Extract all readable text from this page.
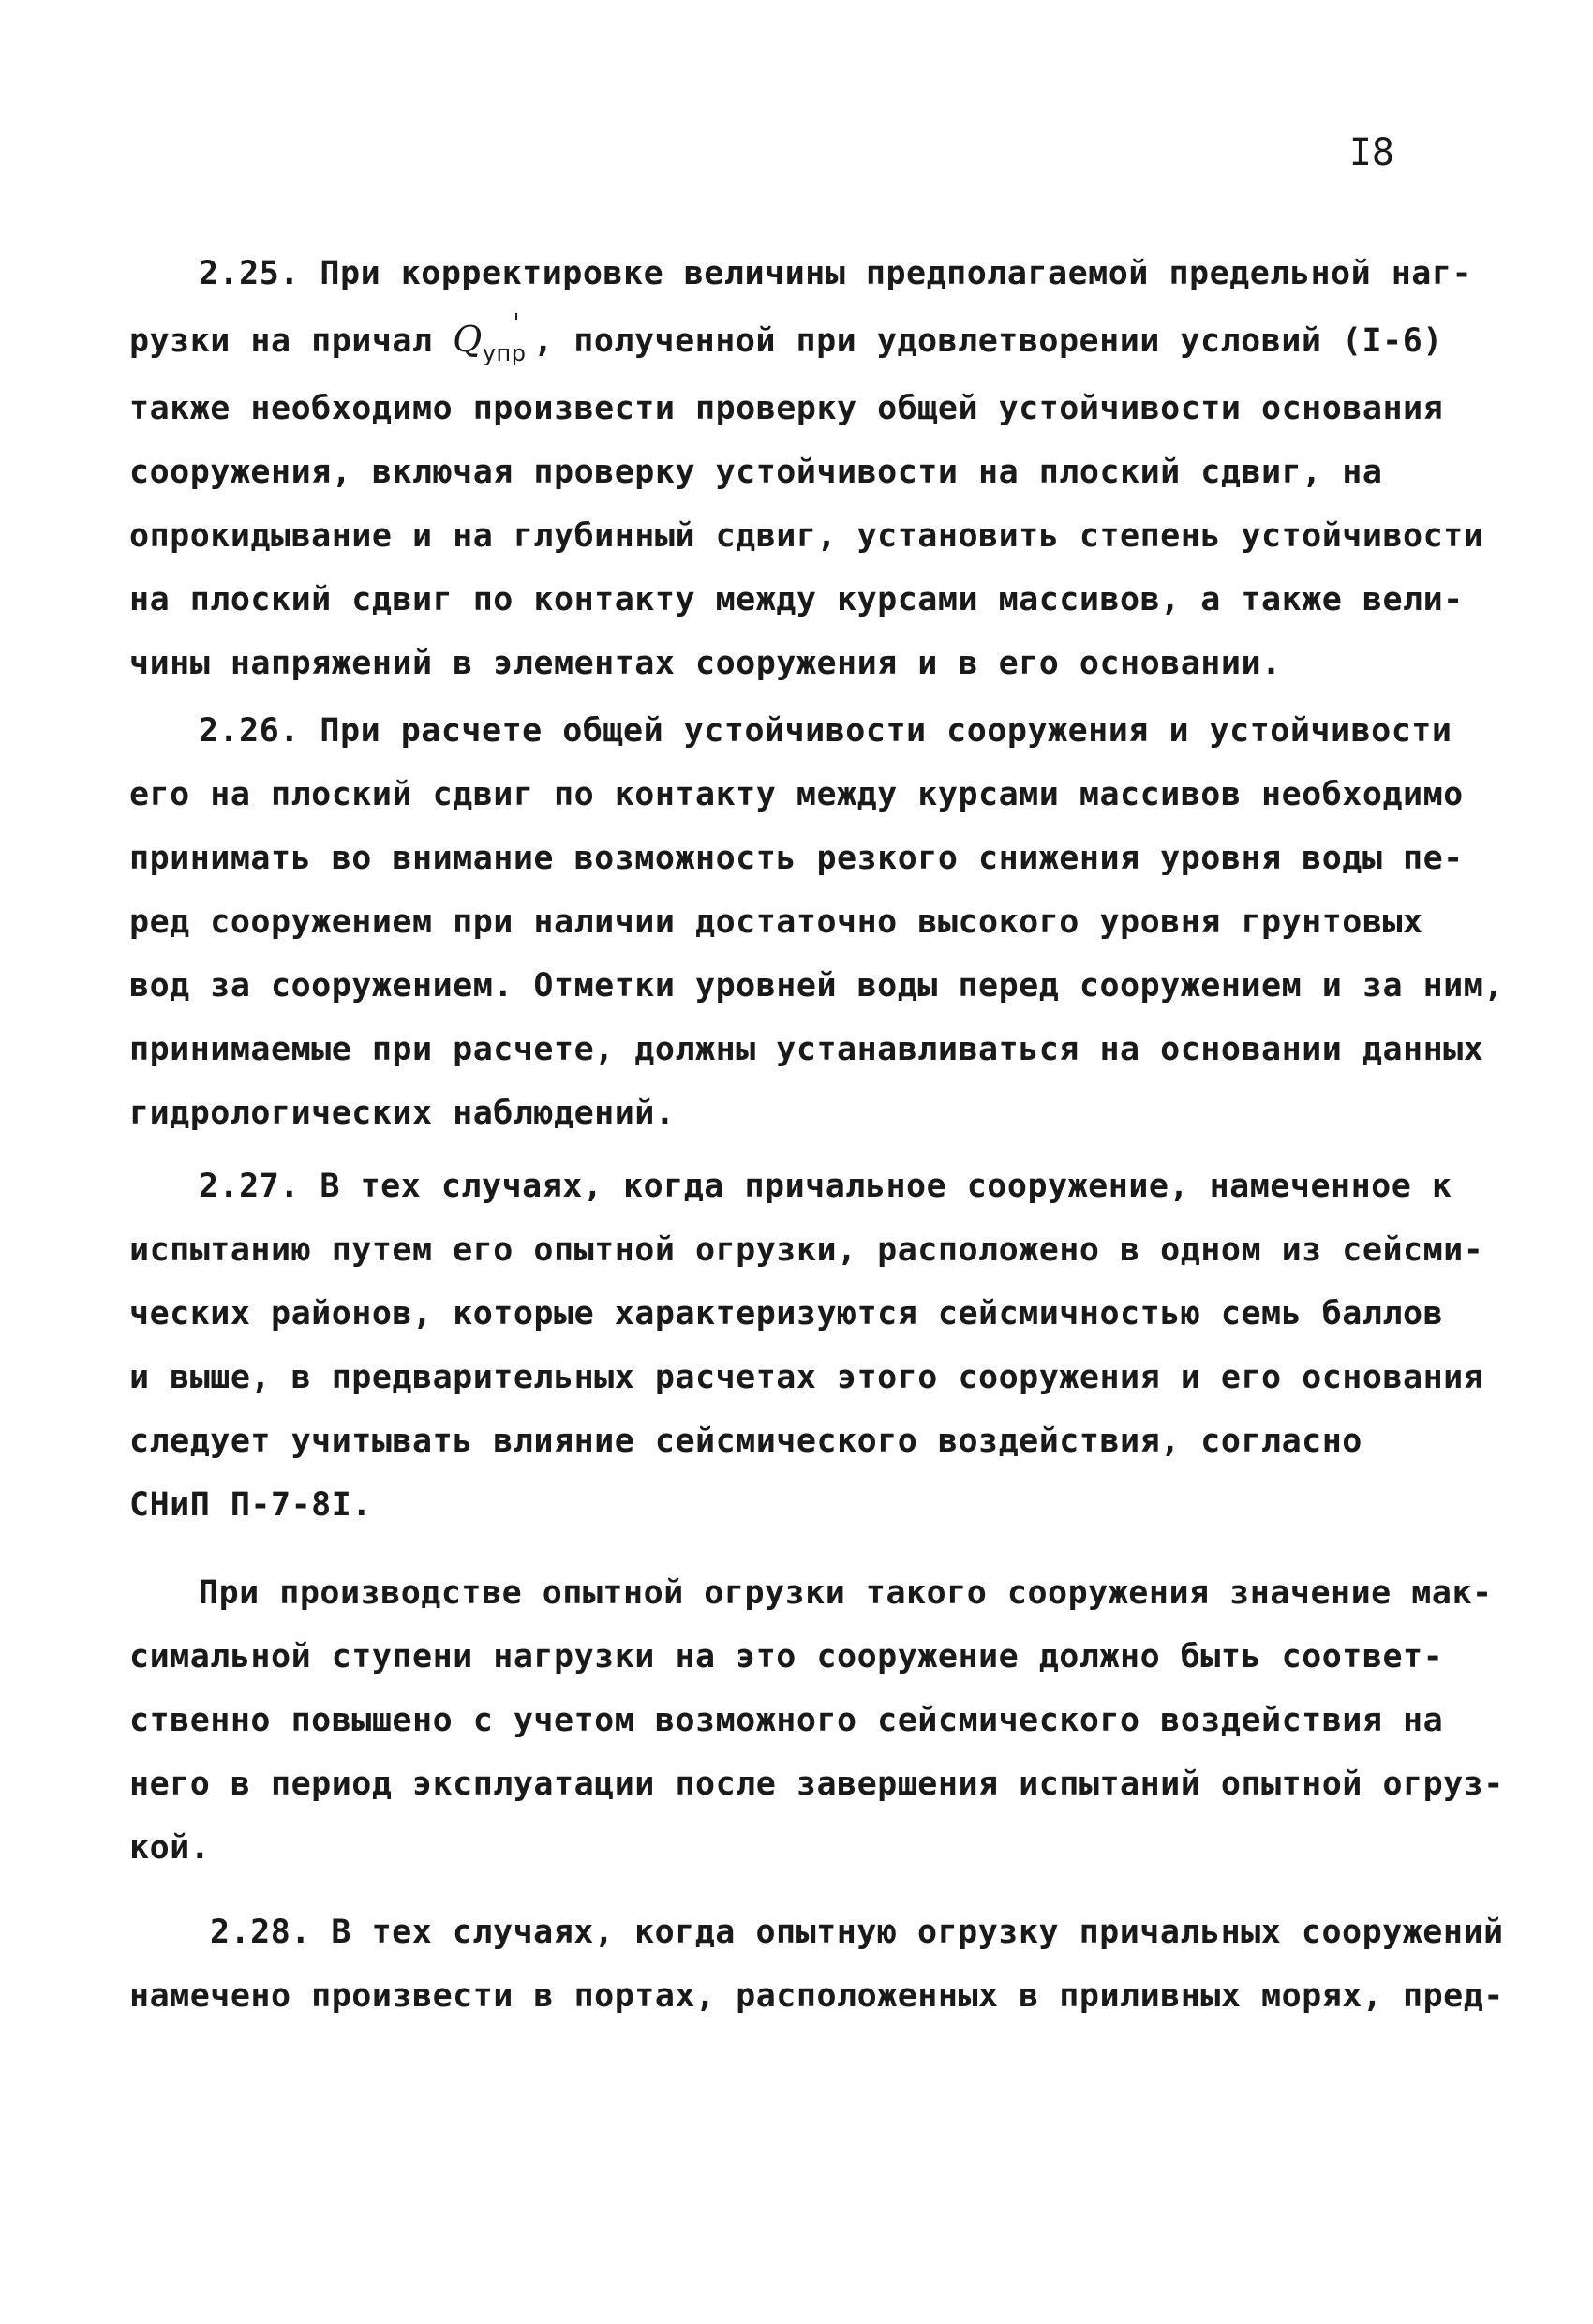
I8
2.25. При корректировке величины предполагаемой предельной наг-
рузки на причал $Q_{упр}'$ , полученной при удовлетворении условий (I-6)
также необходимо произвести проверку общей устойчивости основания
сооружения, включая проверку устойчивости на плоский сдвиг, на
опрокидывание и на глубинный сдвиг, установить степень устойчивости
на плоский сдвиг по контакту между курсами массивов, а также вели-
чины напряжений в элементах сооружения и в его основании.
2.26. При расчете общей устойчивости сооружения и устойчивости
его на плоский сдвиг по контакту между курсами массивов необходимо
принимать во внимание возможность резкого снижения уровня воды пе-
ред сооружением при наличии достаточно высокого уровня грунтовых
вод за сооружением. Отметки уровней воды перед сооружением и за ним,
принимаемые при расчете, должны устанавливаться на основании данных
гидрологических наблюдений.
2.27. В тех случаях, когда причальное сооружение, намеченное к
испытанию путем его опытной огрузки, расположено в одном из сейсми-
ческих районов, которые характеризуются сейсмичностью семь баллов
и выше, в предварительных расчетах этого сооружения и его основания
следует учитывать влияние сейсмического воздействия, согласно
СНиП П-7-8I.
При производстве опытной огрузки такого сооружения значение мак-
симальной ступени нагрузки на это сооружение должно быть соответ-
ственно повышено с учетом возможного сейсмического воздействия на
него в период эксплуатации после завершения испытаний опытной огруз-
кой.
2.28. В тех случаях, когда опытную огрузку причальных сооружений
намечено произвести в портах, расположенных в приливных морях, пред-
